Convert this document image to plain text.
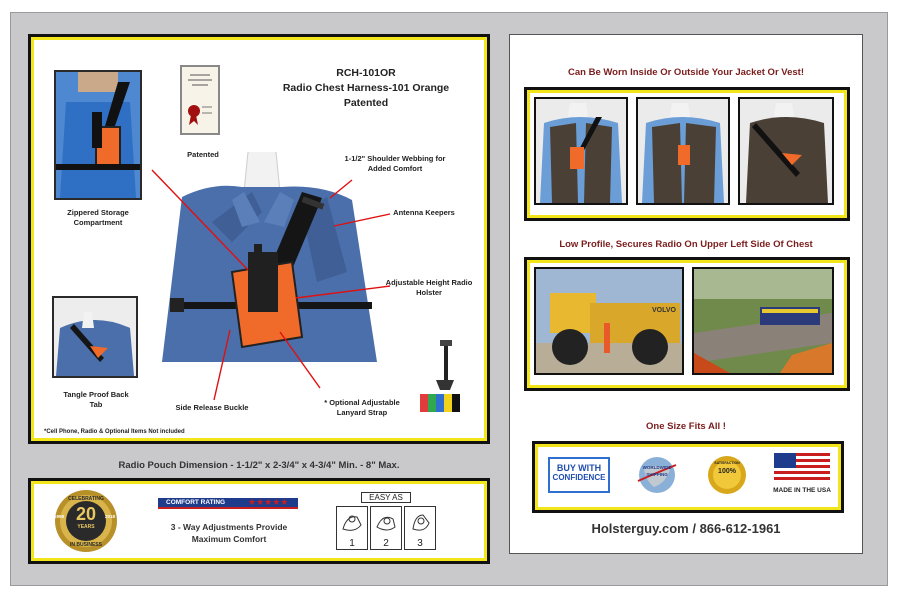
Patented
RCH-101OR
Radio Chest Harness-101 Orange
Patented
Zippered Storage Compartment
1-1/2" Shoulder Webbing for Added Comfort
Antenna Keepers
Adjustable Height Radio Holster
Tangle Proof Back Tab	Side Release Buckle
* Optional Adjustable Lanyard Strap
*Cell Phone, Radio & Optional Items Not included
Radio Pouch Dimension - 1-1/2" x 2-3/4" x 4-3/4" Min. - 8" Max.
CELEBRATING
20
YEARS
1998	2018
IN BUSINESS
COMFORT RATING	★★★★★
3 - Way Adjustments Provide
Maximum Comfort
EASY AS
1	2	3
Can Be Worn Inside Or Outside Your Jacket Or Vest!
Low Profile, Secures Radio On Upper Left Side Of Chest
VOLVO
One Size Fits All !
BUY WITH
CONFIDENCE
WORLDWIDE
SHIPPING	100%
SATISFACTION
MADE IN THE USA
Holsterguy.com / 866-612-1961
